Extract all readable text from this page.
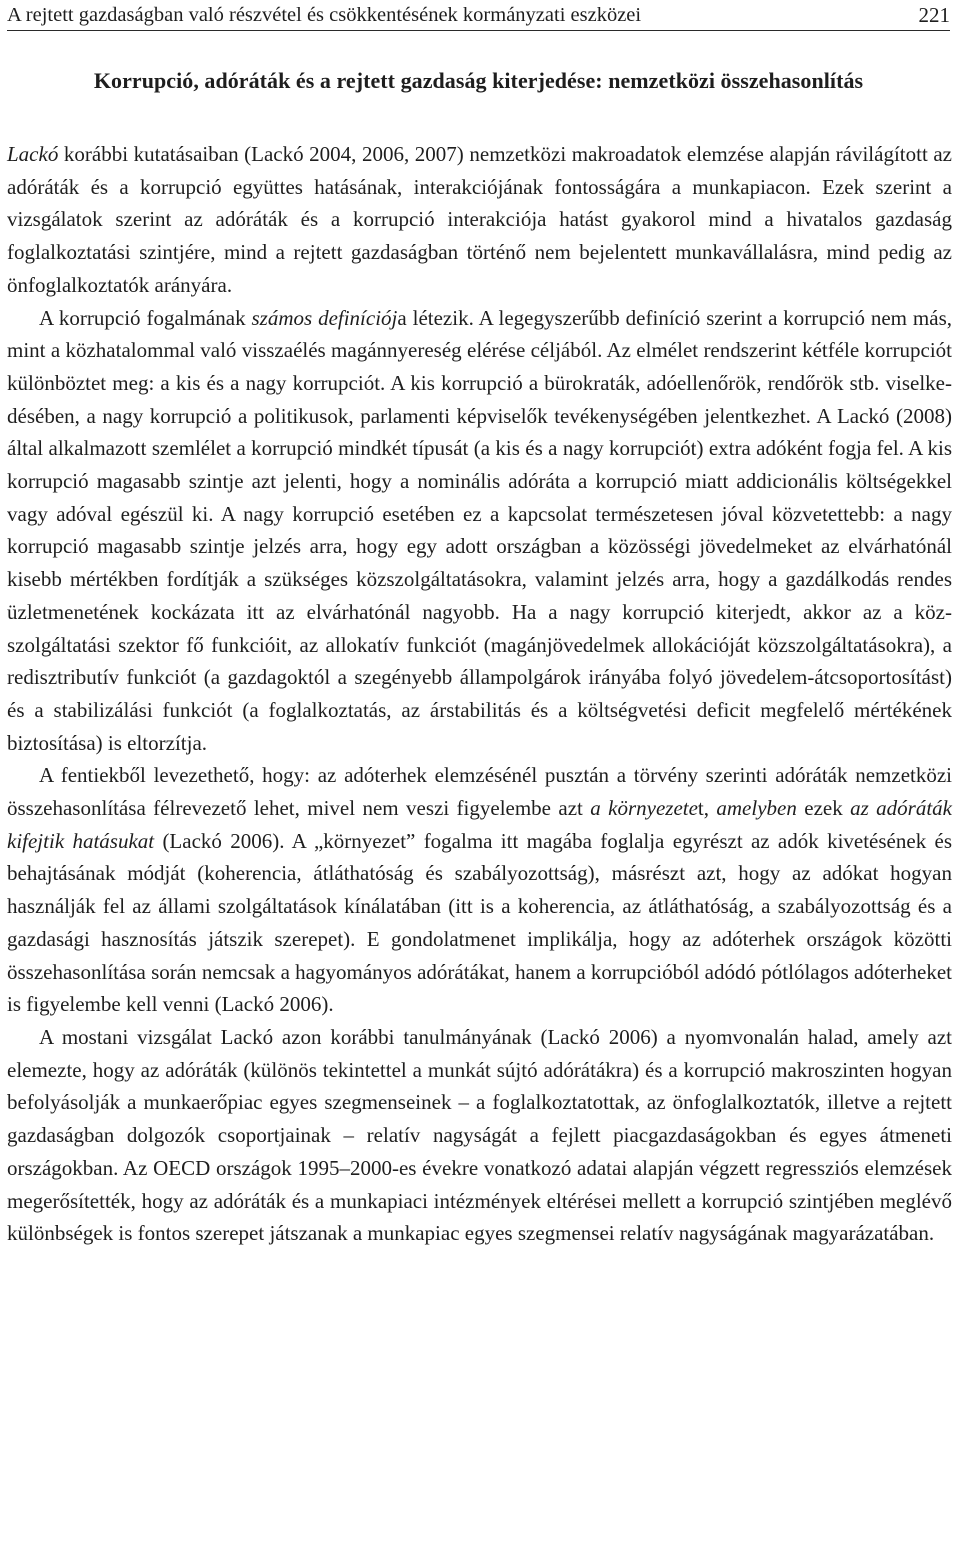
A rejtett gazdaságban való részvétel és csökkentésének kormányzati eszközei	221
Korrupció, adóráták és a rejtett gazdaság kiterjedése: nemzetközi összehasonlítás

Lackó korábbi kutatásaiban (Lackó 2004, 2006, 2007) nemzetközi makroadatok elemzése alapján rávilágított az adóráták és a korrupció együttes hatásának, interakciójának fontosságára a munkapiacon. Ezek szerint a vizsgálatok szerint az adóráták és a korrupció interakciója hatást gyakorol mind a hivatalos gazdaság foglalkoztatási szintjére, mind a rejtett gazdaságban történő nem bejelentett munkavállalásra, mind pedig az önfoglalkoztatók arányára.

A korrupció fogalmának számos definíciója létezik. A legegyszerűbb definíció szerint a korrupció nem más, mint a közhatalommal való visszaélés magánnyereség elérése céljából. Az elmélet rendszerint kétféle korrupciót különböztet meg: a kis és a nagy korrupciót. A kis korrupció a bürokraták, adóellenőrök, rendőrök stb. viselkedésében, a nagy korrupció a politikusok, parlamenti képviselők tevékenységében jelentkezhet. A Lackó (2008) által alkalmazott szemlélet a korrupció mindkét típusát (a kis és a nagy korrupciót) extra adóként fogja fel. A kis korrupció magasabb szintje azt jelenti, hogy a nominális adóráta a korrupció miatt addicionális költségekkel vagy adóval egészül ki. A nagy korrupció esetében ez a kapcsolat természetesen jóval közvetettebb: a nagy korrupció magasabb szintje jelzés arra, hogy egy adott országban a közösségi jövedelmeket az elvárhatónál kisebb mértékben fordítják a szükséges közszolgáltatásokra, valamint jelzés arra, hogy a gazdálkodás rendes üzletmenetének kockázata itt az elvárhatónál nagyobb. Ha a nagy korrupció kiterjedt, akkor az a közszolgáltatási szektor fő funkcióit, az allokatív funkciót (magánjövedelmek allokációját közszolgáltatásokra), a redisztributív funkciót (a gazdagoktól a szegényebb állampolgárok irányába folyó jövedelem-átcsoportosítást) és a stabilizálási funkciót (a foglalkoztatás, az árstabilitás és a költségvetési deficit megfelelő mértékének biztosítása) is eltorzítja.

A fentiekből levezethető, hogy: az adóterhek elemzésénél pusztán a törvény szerinti adóráták nemzetközi összehasonlítása félrevezető lehet, mivel nem veszi figyelembe azt a környezetet, amelyben ezek az adóráták kifejtik hatásukat (Lackó 2006). A „környezet” fogalma itt magába foglalja egyrészt az adók kivetésének és behajtásának módját (koherencia, átláthatóság és szabályozottság), másrészt azt, hogy az adókat hogyan használják fel az állami szolgáltatások kínálatában (itt is a koherencia, az átláthatóság, a szabályozottság és a gazdasági hasznosítás játszik szerepet). E gondolatmenet implikálja, hogy az adóterhek országok közötti összehasonlítása során nemcsak a hagyományos adórátákat, hanem a korrupcióból adódó pótlólagos adóterheket is figyelembe kell venni (Lackó 2006).

A mostani vizsgálat Lackó azon korábbi tanulmányának (Lackó 2006) a nyomvonalán halad, amely azt elemezte, hogy az adóráták (különös tekintettel a munkát sújtó adórátákra) és a korrupció makroszinten hogyan befolyásolják a munkaerőpiac egyes szegmenseinek – a foglalkoztatottak, az önfoglalkoztatók, illetve a rejtett gazdaságban dolgozók csoportjainak – relatív nagyságát a fejlett piacgazdaságokban és egyes átmeneti országokban. Az OECD országok 1995–2000-es évekre vonatkozó adatai alapján végzett regressziós elemzések megerősítették, hogy az adóráták és a munkapiaci intézmények eltérései mellett a korrupció szintjében meglévő különbségek is fontos szerepet játszanak a munkapiac egyes szegmensei relatív nagyságának magyarázatában.
